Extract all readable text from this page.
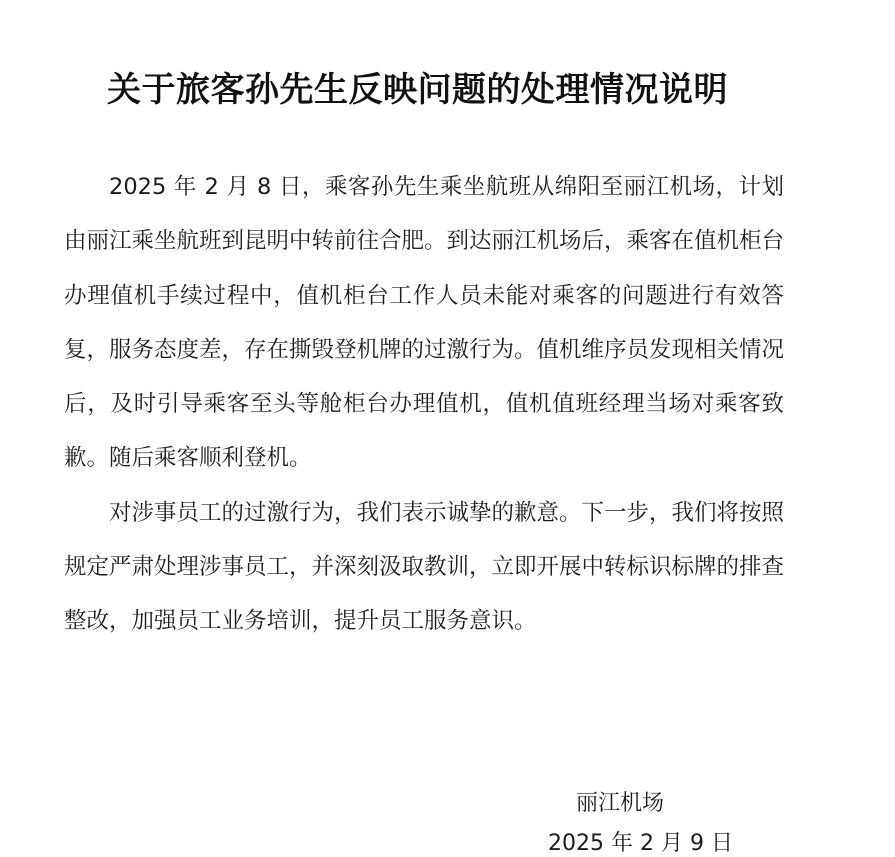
关于旅客孙先生反映问题的处理情况说明

2025 年 2 月 8 日，乘客孙先生乘坐航班从绵阳至丽江机场，计划由丽江乘坐航班到昆明中转前往合肥。到达丽江机场后，乘客在值机柜台办理值机手续过程中，值机柜台工作人员未能对乘客的问题进行有效答复，服务态度差，存在撕毁登机牌的过激行为。值机维序员发现相关情况后，及时引导乘客至头等舱柜台办理值机，值机值班经理当场对乘客致歉。随后乘客顺利登机。

对涉事员工的过激行为，我们表示诚挚的歉意。下一步，我们将按照规定严肃处理涉事员工，并深刻汲取教训，立即开展中转标识标牌的排查整改，加强员工业务培训，提升员工服务意识。

丽江机场
2025 年 2 月 9 日
